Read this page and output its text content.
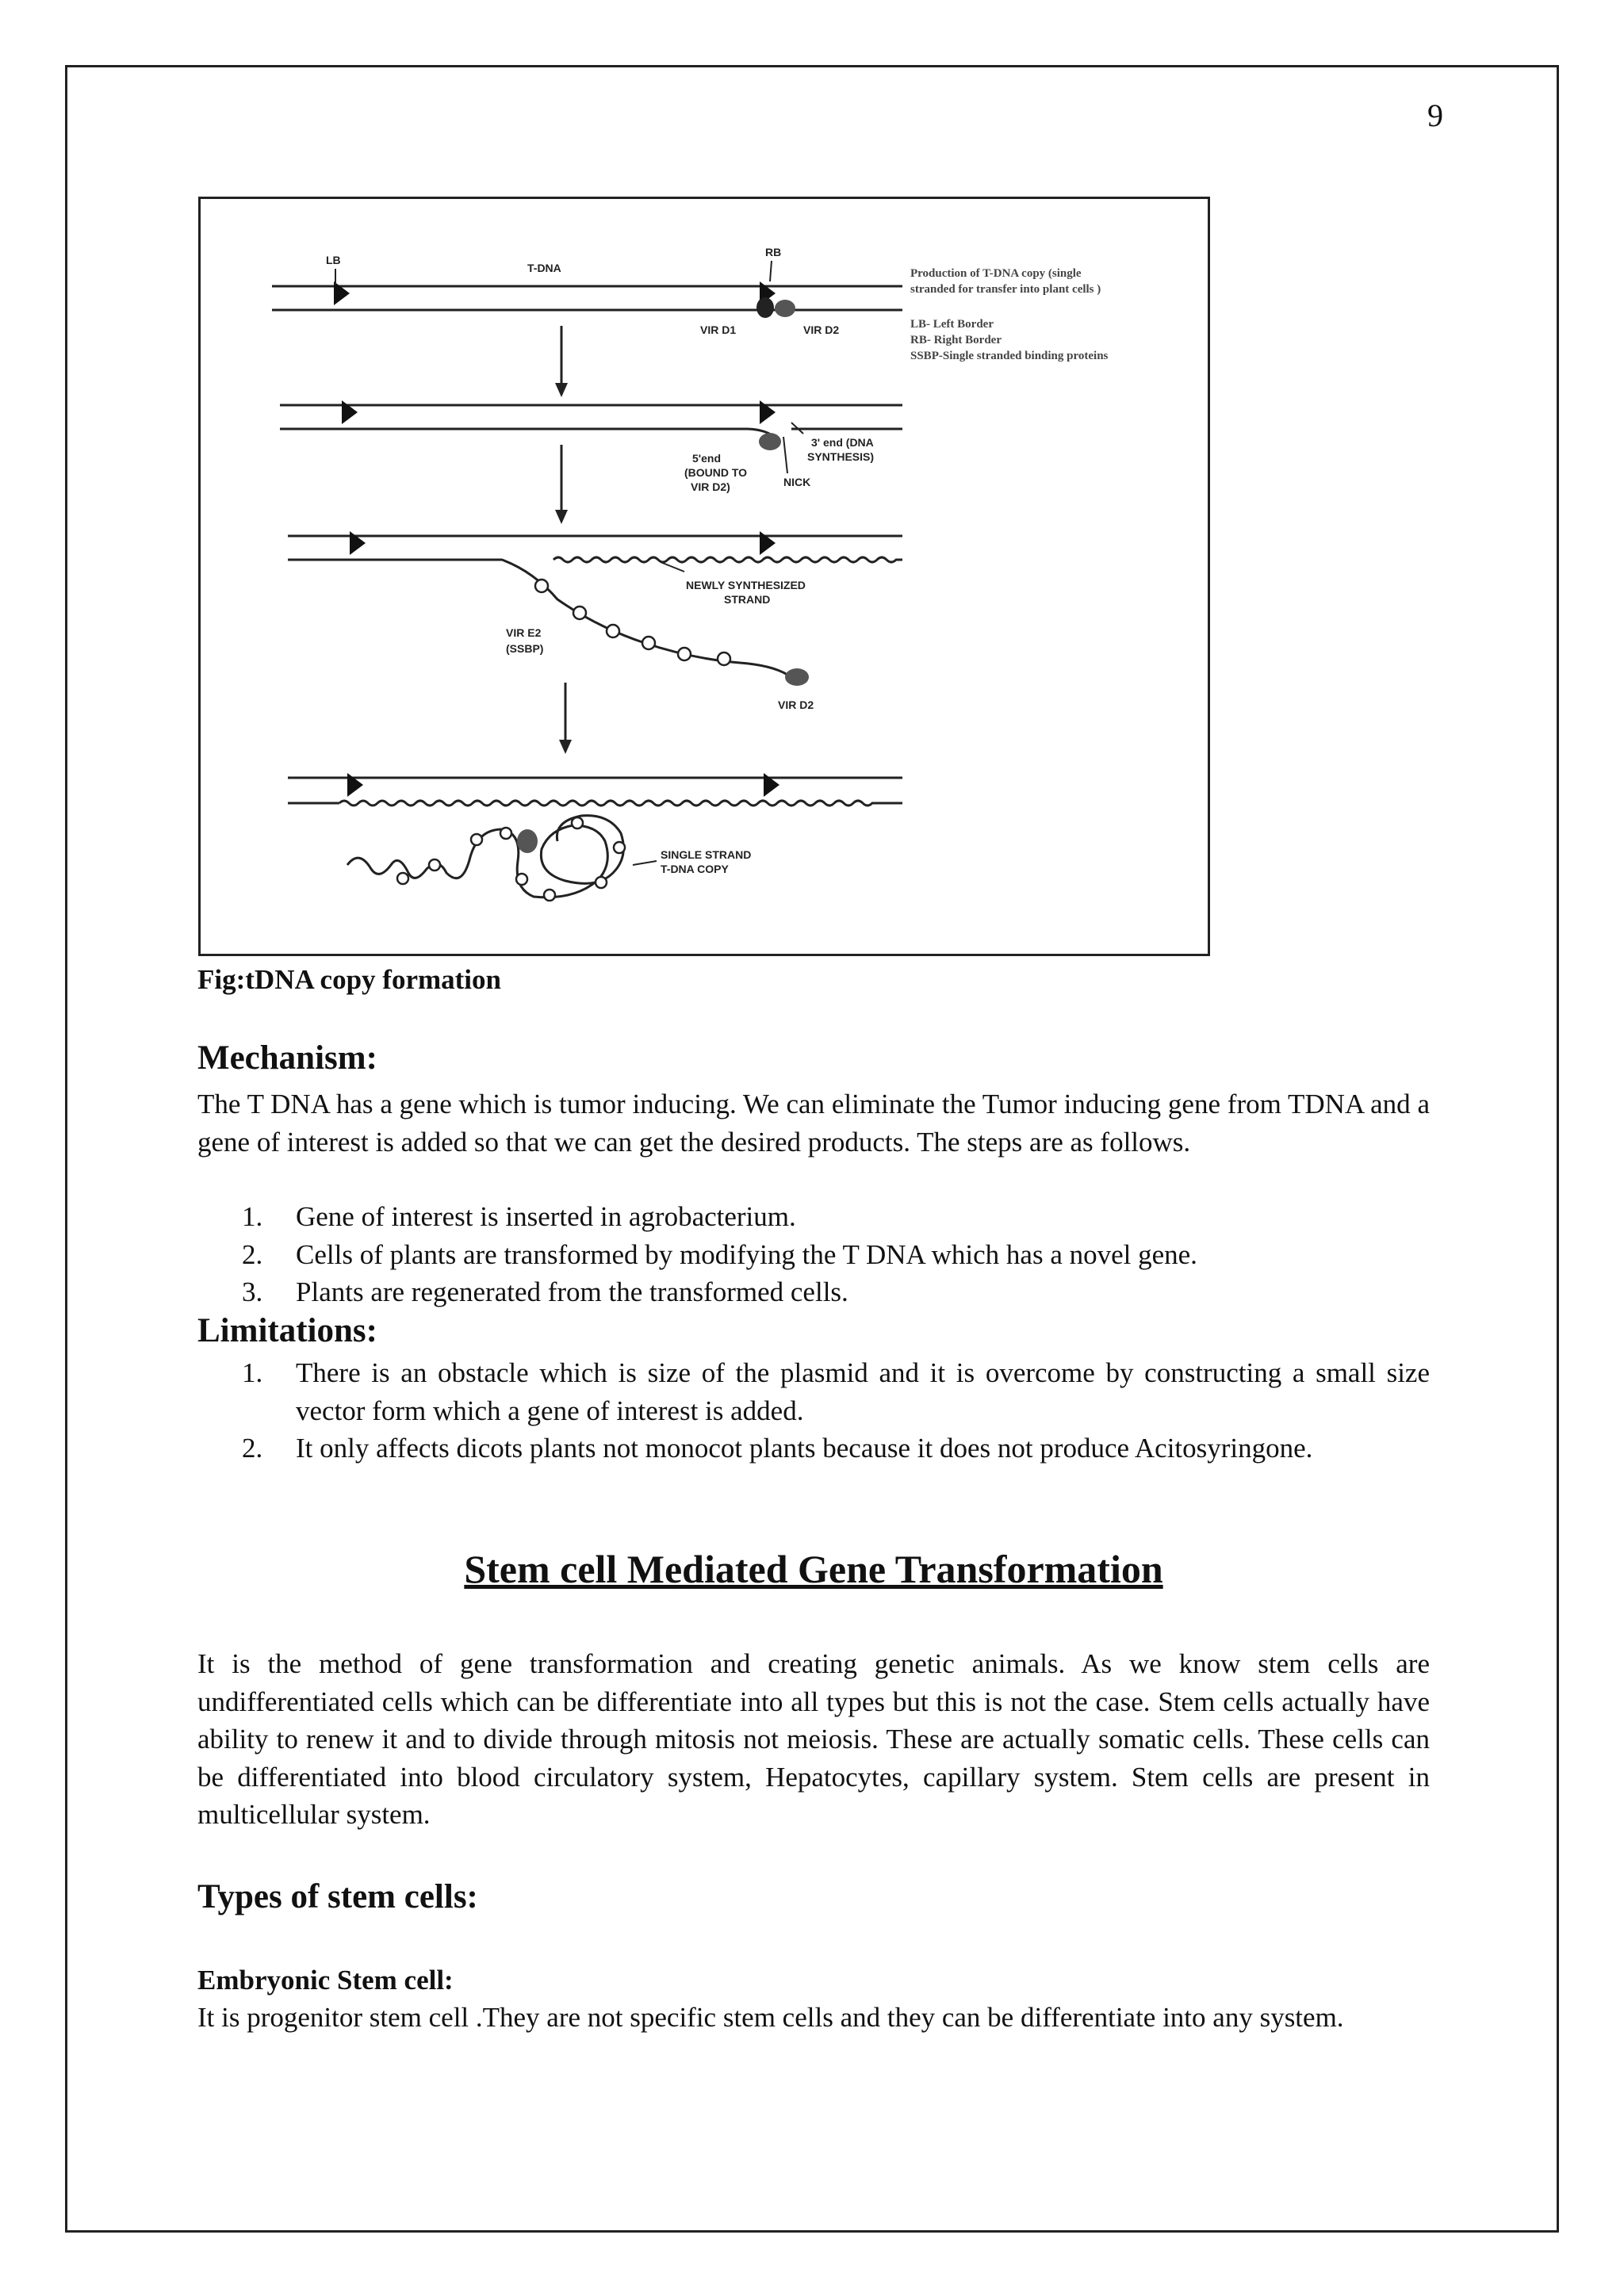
9
LB
T-DNA
RB
VIR D1	VIR D2
Production of T-DNA copy (single
stranded for transfer into plant cells )
LB- Left Border
RB- Right Border
SSBP-Single stranded binding proteins
5'end
(BOUND TO
VIR D2)
3' end (DNA
SYNTHESIS)
NICK
NEWLY SYNTHESIZED
STRAND
VIR E2
(SSBP)
VIR D2
SINGLE STRAND
T-DNA COPY
Fig:tDNA copy formation
Mechanism:
The T DNA has a gene which is tumor inducing. We can eliminate the Tumor inducing gene from TDNA and a gene of interest is added so that we can get the desired products. The steps are as follows.
1. Gene of interest is inserted in agrobacterium.
2. Cells of plants are transformed by modifying the T DNA which has a novel gene.
3. Plants are regenerated from the transformed cells.
Limitations:
1. There is an obstacle which is size of the plasmid and it is overcome by constructing a small size vector form which a gene of interest is added.
2. It only affects dicots plants not monocot plants because it does not produce Acitosyringone.
Stem cell Mediated Gene Transformation
It is the method of gene transformation and creating genetic animals. As we know stem cells are undifferentiated cells which can be differentiate into all types but this is not the case. Stem cells actually have ability to renew it and to divide through mitosis not meiosis. These are actually somatic cells. These cells can be differentiated into blood circulatory system, Hepatocytes, capillary system. Stem cells are present in multicellular system.
Types of stem cells:
Embryonic Stem cell:
It is progenitor stem cell .They are not specific stem cells and they can be differentiate into any system.
